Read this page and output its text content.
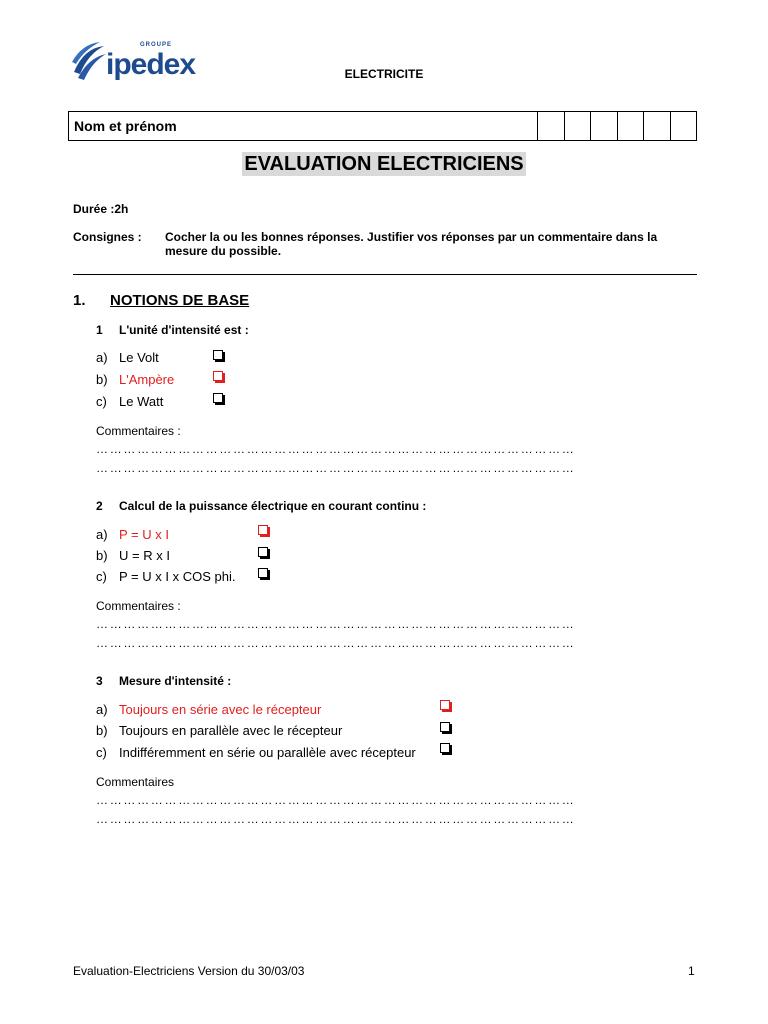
GROUPE
ipedex	ELECTRICITE
Nom et prénom
EVALUATION ELECTRICIENS
Durée :2h
Consignes : Cocher la ou les bonnes réponses. Justifier vos réponses par un commentaire dans la mesure du possible.
1. NOTIONS DE BASE
1 L'unité d'intensité est :
a) Le Volt
b) L'Ampère
c) Le Watt
Commentaires :
……………………………………………………………………………………………
……………………………………………………………………………………………
2 Calcul de la puissance électrique en courant continu :
a) P = U x I
b) U = R x I
c) P = U x I x COS phi.
Commentaires :
……………………………………………………………………………………………
……………………………………………………………………………………………
3 Mesure d'intensité :
a) Toujours en série avec le récepteur
b) Toujours en parallèle avec le récepteur
c) Indifféremment en série ou parallèle avec récepteur
Commentaires
……………………………………………………………………………………………
……………………………………………………………………………………………
Evaluation-Electriciens Version du 30/03/03	1
